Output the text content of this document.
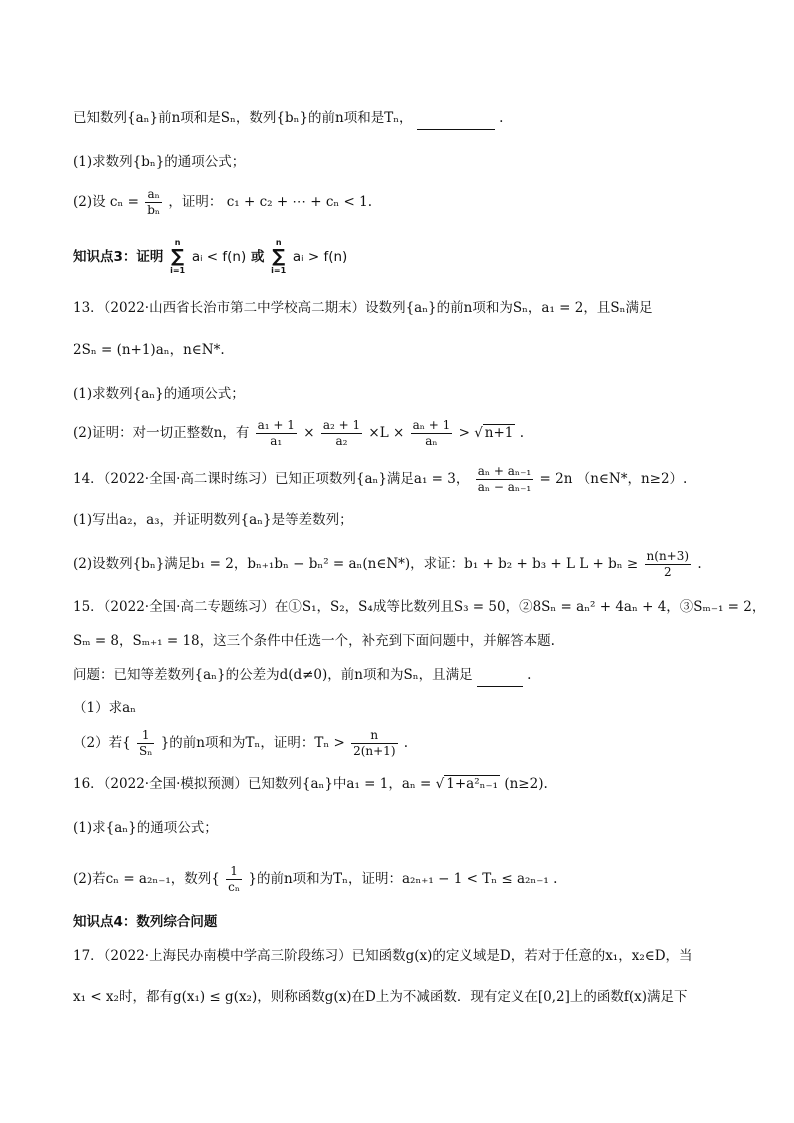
已知数列{aₙ}前n项和是Sₙ，数列{bₙ}的前n项和是Tₙ，	.
(1)求数列{bₙ}的通项公式；
(2)设 $c_n = \frac{\text{aₙ}}{\text{bₙ}}$ ，证明： c₁ + c₂ + ⋯ + cₙ < 1.
知识点3：证明
n
∑
i=1
aᵢ < f(n) 或
n
∑
i=1
aᵢ > f(n)
13．（2022·山西省长治市第二中学校高二期末）设数列{aₙ}的前n项和为Sₙ，a₁ = 2，且Sₙ满足
2Sₙ = (n+1)aₙ，n∈N*.
(1)求数列{aₙ}的通项公式；
(2)证明：对一切正整数n，有 $\frac{\text{a₁ + 1}}{\text{a₁}} \times \frac{\text{a₂ + 1}}{\text{a₂}} \times L \times \frac{\text{aₙ + 1}}{\text{aₙ}}$ > √ n+1 .
14．（2022·全国·高二课时练习）已知正项数列{aₙ}满足a₁ = 3， $\frac{\text{aₙ + aₙ₋₁}}{\text{aₙ − aₙ₋₁}} = 2n$ （n∈N*，n≥2）.
(1)写出a₂，a₃，并证明数列{aₙ}是等差数列；
(2)设数列{bₙ}满足b₁ = 2，bₙ₊₁bₙ − bₙ² = aₙ(n∈N*)，求证：b₁ + b₂ + b₃ + L $L + b_n \ge \frac{n(n+3)}{2}$ .
15．（2022·全国·高二专题练习）在①S₁，S₂，S₄成等比数列且S₃ = 50，②8Sₙ = aₙ² + 4aₙ + 4，③Sₘ₋₁ = 2，
Sₘ = 8，Sₘ₊₁ = 18，这三个条件中任选一个，补充到下面问题中，并解答本题.
问题：已知等差数列{aₙ}的公差为d(d≠0)，前n项和为Sₙ，且满足	.
（1）求aₙ
（2）若{ $\frac{1}{\text{Sₙ}}$ }的前n项和为Tₙ，证明：$T_n > \frac{n}{2(n+1)}$ .
16．（2022·全国·模拟预测）已知数列{aₙ}中a₁ = 1，aₙ = √ 1+a²ₙ₋₁ (n≥2).
(1)求{aₙ}的通项公式；
(2)若cₙ = a₂ₙ₋₁，数列{ $\frac{1}{\text{cₙ}}$ }的前n项和为Tₙ，证明：a₂ₙ₊₁ − 1 < Tₙ ≤ a₂ₙ₋₁ .
知识点4：数列综合问题
17．（2022·上海民办南模中学高三阶段练习）已知函数g(x)的定义域是D，若对于任意的x₁，x₂∈D，当
x₁ < x₂时，都有g(x₁) ≤ g(x₂)，则称函数g(x)在D上为不减函数．现有定义在[0,2]上的函数f(x)满足下
